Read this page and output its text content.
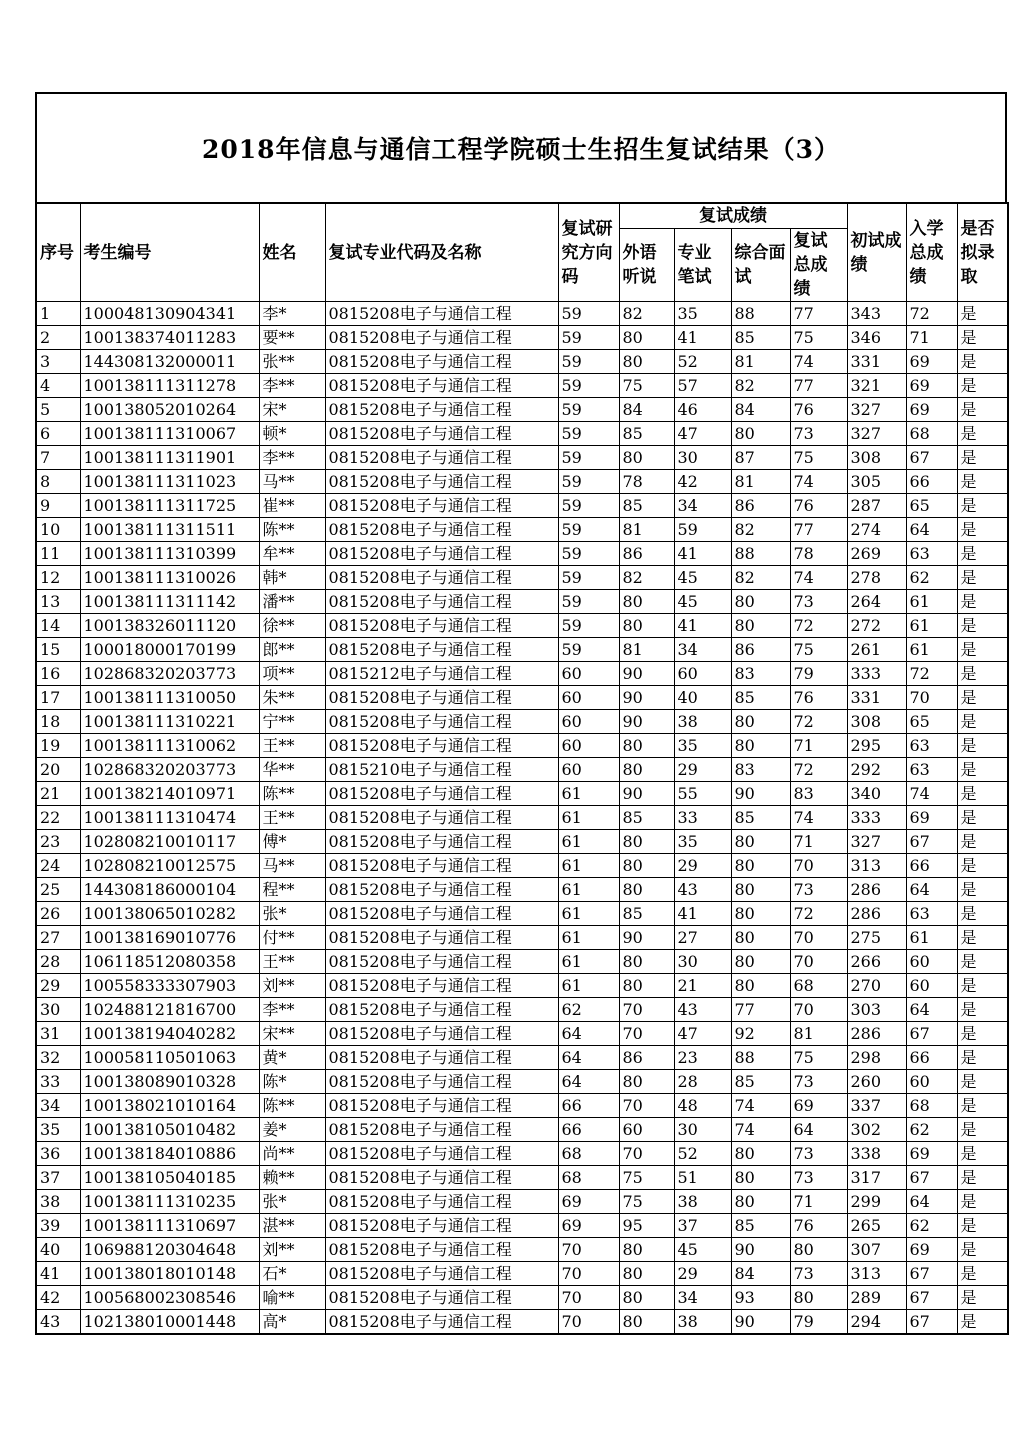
2018年信息与通信工程学院硕士生招生复试结果（3）
序号	考生编号	姓名	复试专业代码及名称	复试研究方向码	复试成绩				初试成绩	入学总成绩	是否拟录取
					外语听说	专业笔试	综合面试	复试总成绩			
1	100048130904341	李*	0815208电子与通信工程	59	82	35	88	77	343	72	是
2	100138374011283	要**	0815208电子与通信工程	59	80	41	85	75	346	71	是
3	144308132000011	张**	0815208电子与通信工程	59	80	52	81	74	331	69	是
4	100138111311278	李**	0815208电子与通信工程	59	75	57	82	77	321	69	是
5	100138052010264	宋*	0815208电子与通信工程	59	84	46	84	76	327	69	是
6	100138111310067	顿*	0815208电子与通信工程	59	85	47	80	73	327	68	是
7	100138111311901	李**	0815208电子与通信工程	59	80	30	87	75	308	67	是
8	100138111311023	马**	0815208电子与通信工程	59	78	42	81	74	305	66	是
9	100138111311725	崔**	0815208电子与通信工程	59	85	34	86	76	287	65	是
10	100138111311511	陈**	0815208电子与通信工程	59	81	59	82	77	274	64	是
11	100138111310399	牟**	0815208电子与通信工程	59	86	41	88	78	269	63	是
12	100138111310026	韩*	0815208电子与通信工程	59	82	45	82	74	278	62	是
13	100138111311142	潘**	0815208电子与通信工程	59	80	45	80	73	264	61	是
14	100138326011120	徐**	0815208电子与通信工程	59	80	41	80	72	272	61	是
15	100018000170199	郎**	0815208电子与通信工程	59	81	34	86	75	261	61	是
16	102868320203773	项**	0815212电子与通信工程	60	90	60	83	79	333	72	是
17	100138111310050	朱**	0815208电子与通信工程	60	90	40	85	76	331	70	是
18	100138111310221	宁**	0815208电子与通信工程	60	90	38	80	72	308	65	是
19	100138111310062	王**	0815208电子与通信工程	60	80	35	80	71	295	63	是
20	102868320203773	华**	0815210电子与通信工程	60	80	29	83	72	292	63	是
21	100138214010971	陈**	0815208电子与通信工程	61	90	55	90	83	340	74	是
22	100138111310474	王**	0815208电子与通信工程	61	85	33	85	74	333	69	是
23	102808210010117	傅*	0815208电子与通信工程	61	80	35	80	71	327	67	是
24	102808210012575	马**	0815208电子与通信工程	61	80	29	80	70	313	66	是
25	144308186000104	程**	0815208电子与通信工程	61	80	43	80	73	286	64	是
26	100138065010282	张*	0815208电子与通信工程	61	85	41	80	72	286	63	是
27	100138169010776	付**	0815208电子与通信工程	61	90	27	80	70	275	61	是
28	106118512080358	王**	0815208电子与通信工程	61	80	30	80	70	266	60	是
29	100558333307903	刘**	0815208电子与通信工程	61	80	21	80	68	270	60	是
30	102488121816700	李**	0815208电子与通信工程	62	70	43	77	70	303	64	是
31	100138194040282	宋**	0815208电子与通信工程	64	70	47	92	81	286	67	是
32	100058110501063	黄*	0815208电子与通信工程	64	86	23	88	75	298	66	是
33	100138089010328	陈*	0815208电子与通信工程	64	80	28	85	73	260	60	是
34	100138021010164	陈**	0815208电子与通信工程	66	70	48	74	69	337	68	是
35	100138105010482	姜*	0815208电子与通信工程	66	60	30	74	64	302	62	是
36	100138184010886	尚**	0815208电子与通信工程	68	70	52	80	73	338	69	是
37	100138105040185	赖**	0815208电子与通信工程	68	75	51	80	73	317	67	是
38	100138111310235	张*	0815208电子与通信工程	69	75	38	80	71	299	64	是
39	100138111310697	湛**	0815208电子与通信工程	69	95	37	85	76	265	62	是
40	106988120304648	刘**	0815208电子与通信工程	70	80	45	90	80	307	69	是
41	100138018010148	石*	0815208电子与通信工程	70	80	29	84	73	313	67	是
42	100568002308546	喻**	0815208电子与通信工程	70	80	34	93	80	289	67	是
43	102138010001448	高*	0815208电子与通信工程	70	80	38	90	79	294	67	是
